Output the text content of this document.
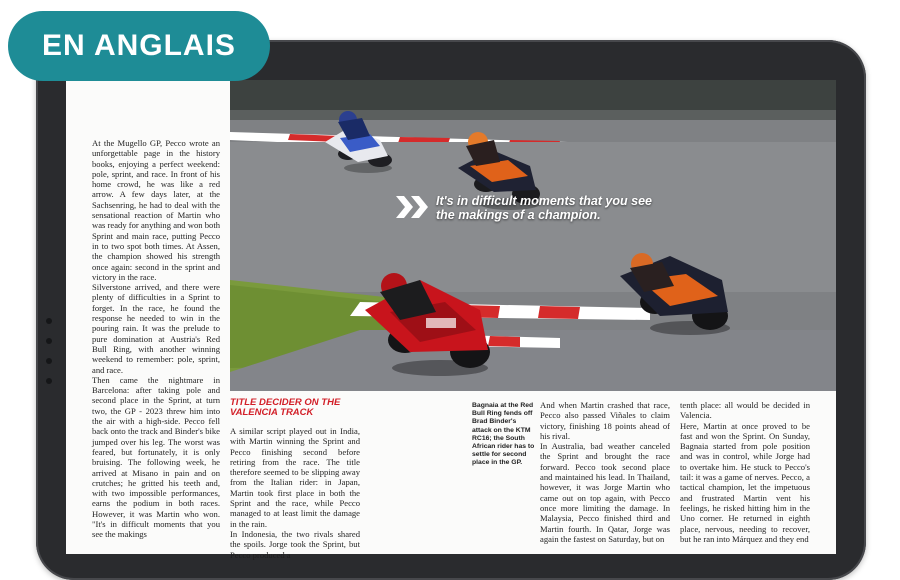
It's in difficult moments that you see the makings of a champion.
At the Mugello GP, Pecco wrote an unforgettable page in the history books, enjoying a perfect weekend: pole, sprint, and race. In front of his home crowd, he was like a red arrow. A few days later, at the Sachsenring, he had to deal with the sensational reaction of Martin who was ready for anything and won both Sprint and main race, putting Pecco in to two spot both times. At Assen, the champion showed his strength once again: second in the sprint and victory in the race.
Silverstone arrived, and there were plenty of difficulties in a Sprint to forget. In the race, he found the response he needed to win in the pouring rain. It was the prelude to pure domination at Austria's Red Bull Ring, with another winning weekend to remember: pole, sprint, and race.
Then came the nightmare in Barcelona: after taking pole and second place in the Sprint, at turn two, the GP - 2023 threw him into the air with a high-side. Pecco fell back onto the track and Binder's bike jumped over his leg. The worst was feared, but fortunately, it is only bruising. The following week, he arrived at Misano in pain and on crutches; he gritted his teeth and, with two impossible performances, earns the podium in both races. However, it was Martin who won. "It's in difficult moments that you see the makings
TITLE DECIDER ON THE VALENCIA TRACK
A similar script played out in India, with Martin winning the Sprint and Pecco finishing second before retiring from the race. The title therefore seemed to be slipping away from the Italian rider: in Japan, Martin took first place in both the Sprint and the race, while Pecco managed to at least limit the damage in the rain.
In Indonesia, the two rivals shared the spoils. Jorge took the Sprint, but Pecco produced a
Bagnaia at the Red Bull Ring fends off Brad Binder's attack on the KTM RC16; the South African rider has to settle for second place in the GP.
And when Martin crashed that race, Pecco also passed Viñales to claim victory, finishing 18 points ahead of his rival.
In Australia, bad weather canceled the Sprint and brought the race forward. Pecco took second place and maintained his lead. In Thailand, however, it was Jorge Martin who came out on top again, with Pecco once more limiting the damage. In Malaysia, Pecco finished third and Martin fourth. In Qatar, Jorge was again the fastest on Saturday, but on
tenth place: all would be decided in Valencia.
Here, Martin at once proved to be fast and won the Sprint. On Sunday, Bagnaia started from pole position and was in control, while Jorge had to overtake him. He stuck to Pecco's tail: it was a game of nerves. Pecco, a tactical champion, let the impetuous and frustrated Martin vent his feelings, he risked hitting him in the Uno corner. He returned in eighth place, nervous, needing to recover, but he ran into Márquez and they end
EN ANGLAIS
